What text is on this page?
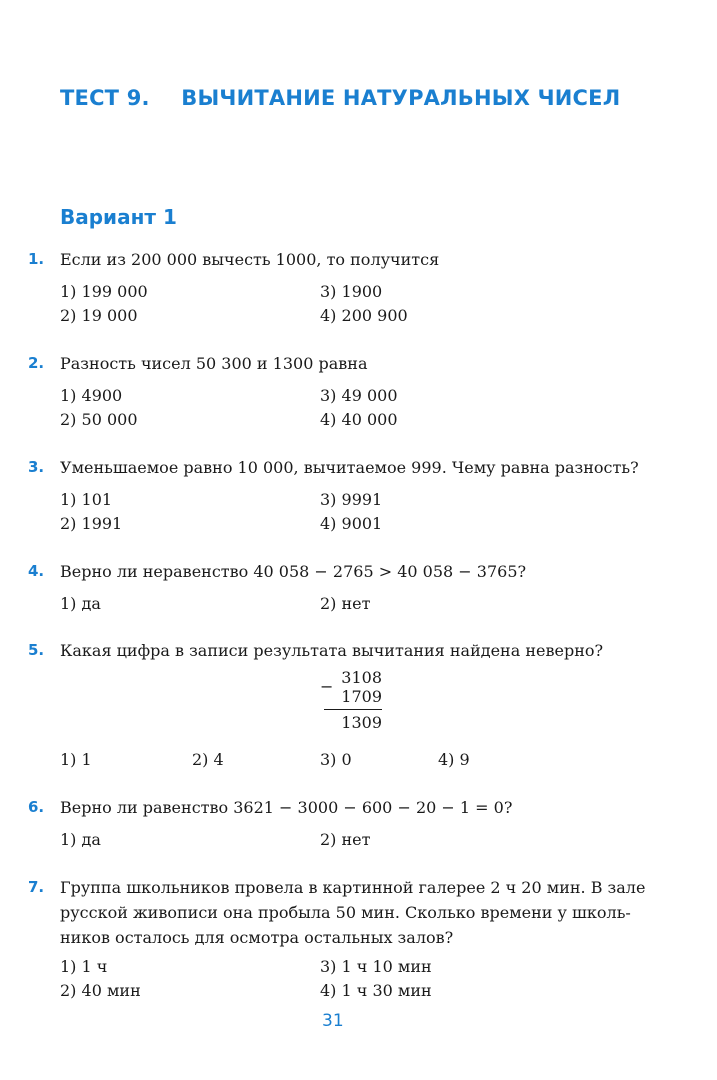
ТЕСТ 9. ВЫЧИТАНИЕ НАТУРАЛЬНЫХ ЧИСЕЛ
Вариант 1
1. Если из 200 000 вычесть 1000, то получится
1) 199 000	3) 1900
2) 19 000	4) 200 900
2. Разность чисел 50 300 и 1300 равна
1) 4900	3) 49 000
2) 50 000	4) 40 000
3. Уменьшаемое равно 10 000, вычитаемое 999. Чему равна разность?
1) 101	3) 9991
2) 1991	4) 9001
4. Верно ли неравенство 40 058 − 2765 > 40 058 − 3765?
1) да	2) нет
5. Какая цифра в записи результата вычитания найдена неверно?
− 3108
1709
1309
1) 1	2) 4	3) 0	4) 9
6. Верно ли равенство 3621 − 3000 − 600 − 20 − 1 = 0?
1) да	2) нет
7. Группа школьников провела в картинной галерее 2 ч 20 мин. В зале
русской живописи она пробыла 50 мин. Сколько времени у школь-
ников осталось для осмотра остальных залов?
1) 1 ч	3) 1 ч 10 мин
2) 40 мин	4) 1 ч 30 мин
31
